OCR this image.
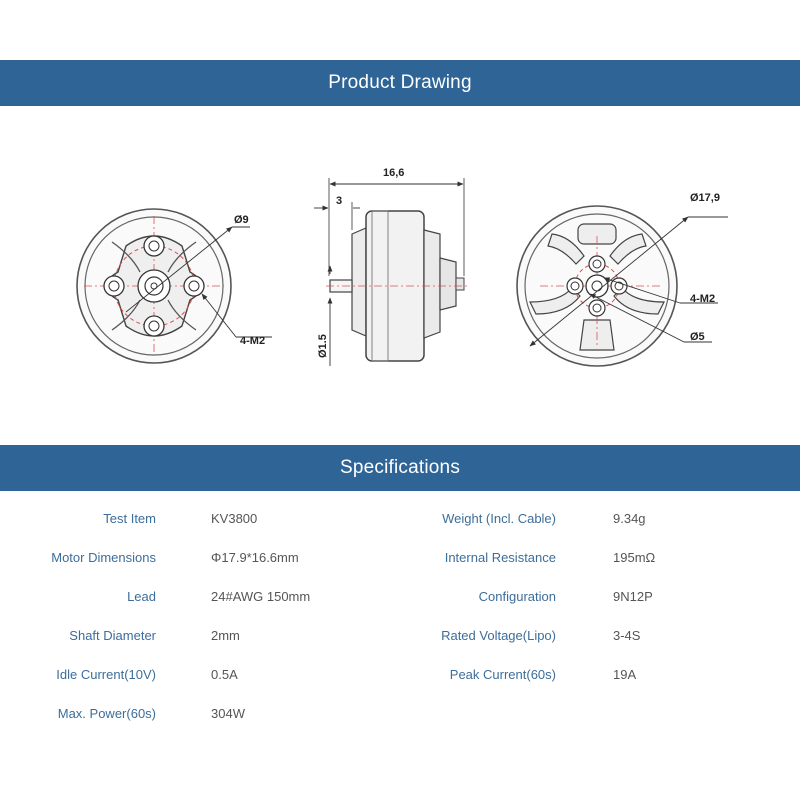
Product Drawing
Ø9
4-M2
16,6
3
Ø1.5
Ø17,9
4-M2
Ø5
Specifications
Test Item	KV3800	Weight (Incl. Cable)	9.34g
Motor Dimensions	Φ17.9*16.6mm	Internal Resistance	195mΩ
Lead	24#AWG 150mm	Configuration	9N12P
Shaft Diameter	2mm	Rated Voltage(Lipo)	3-4S
Idle Current(10V)	0.5A	Peak Current(60s)	19A
Max. Power(60s)	304W
